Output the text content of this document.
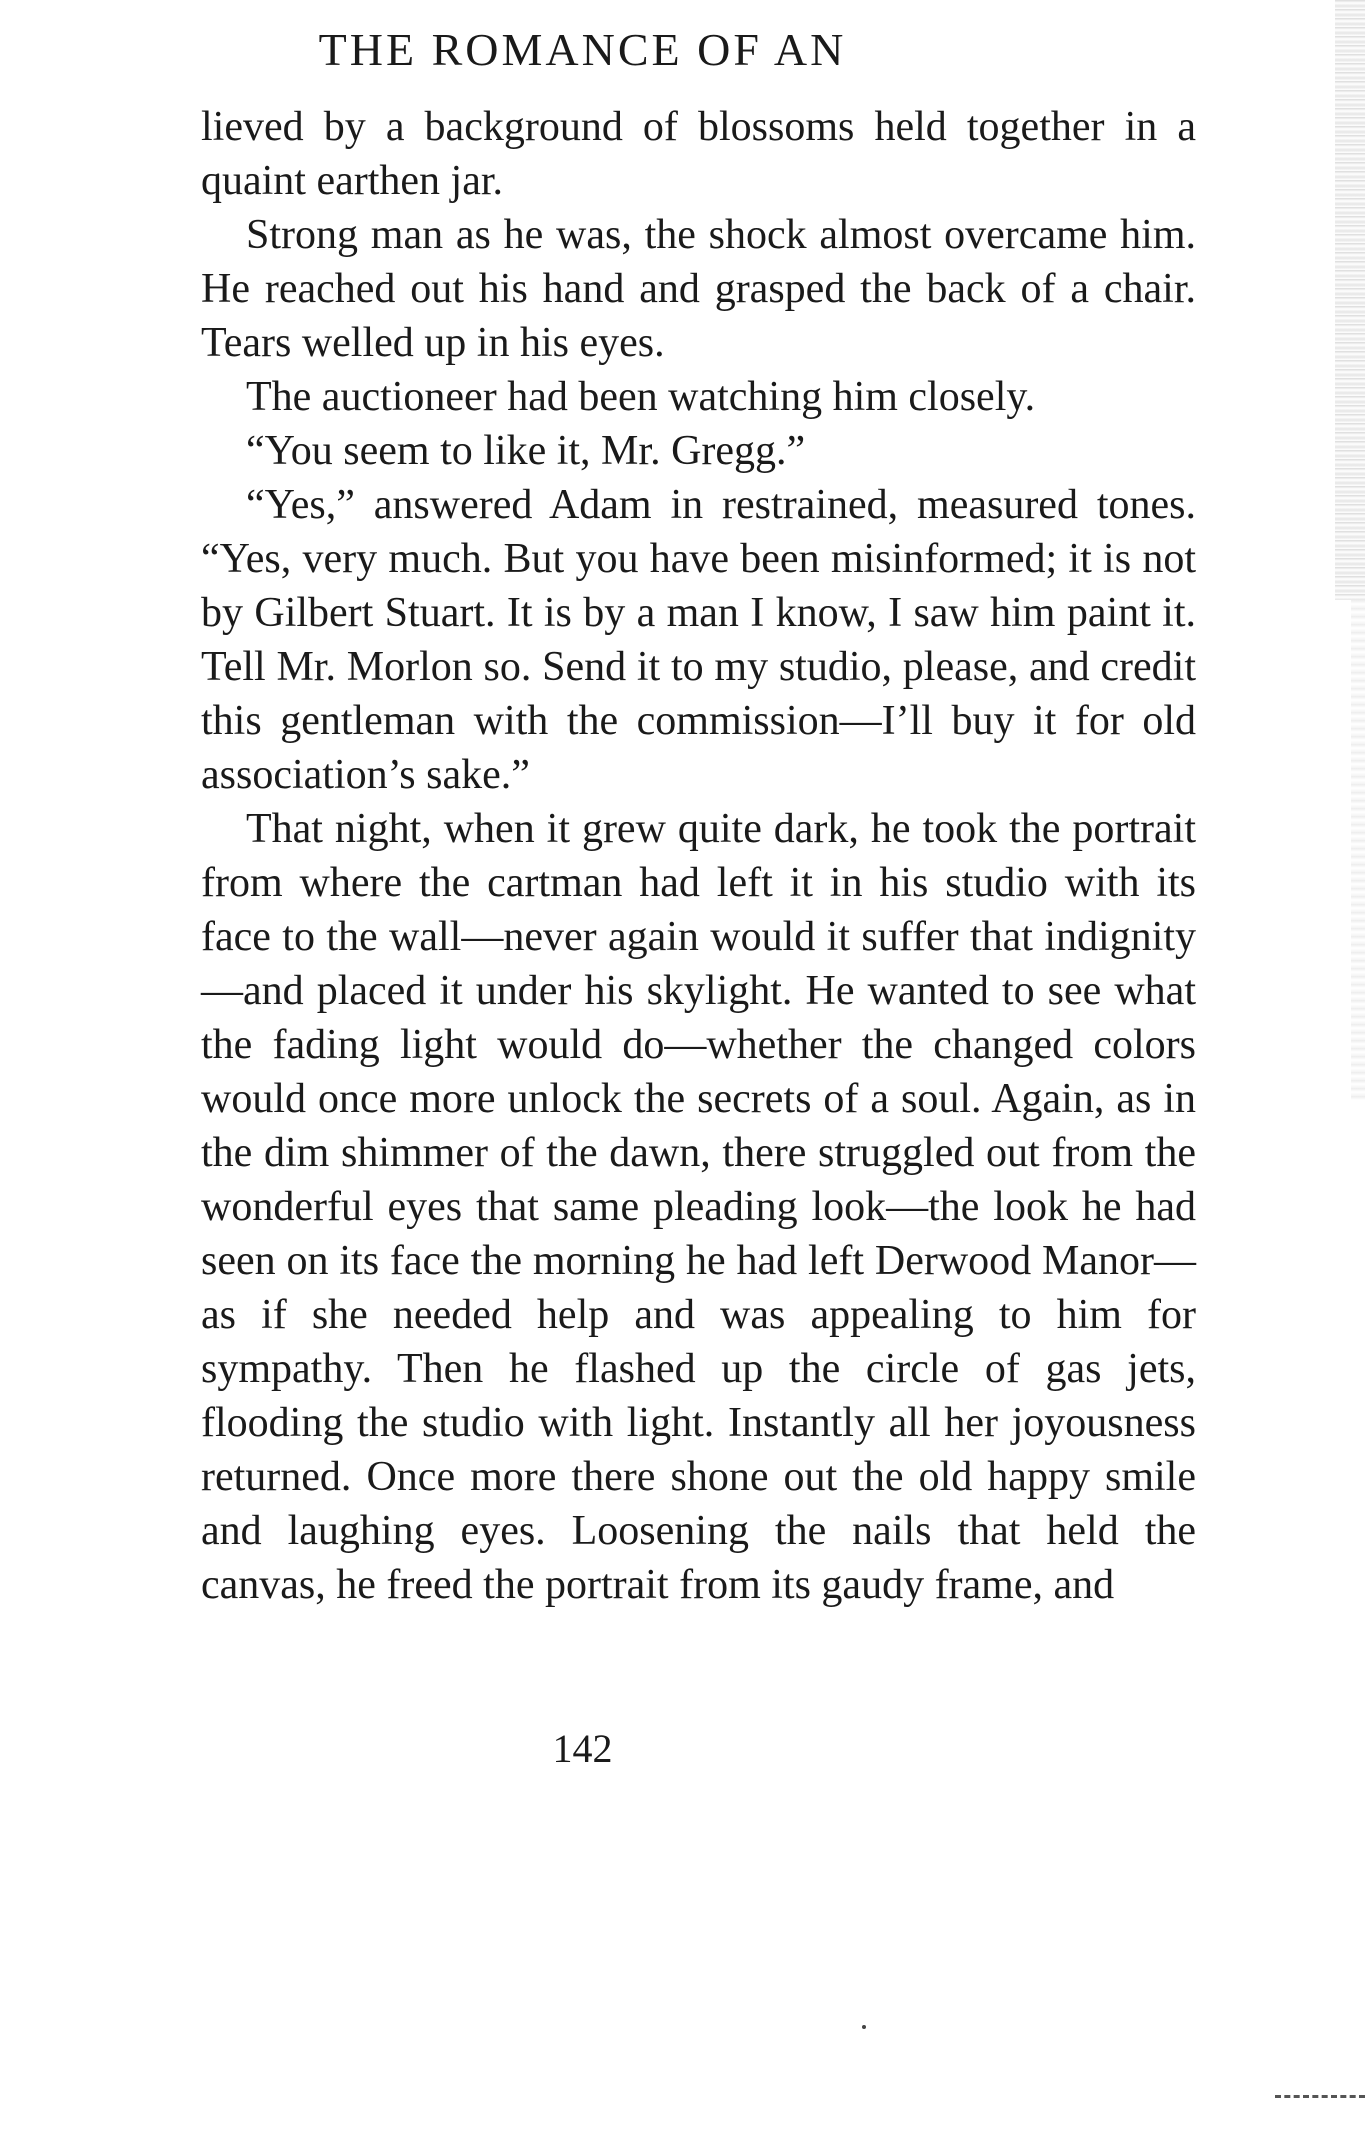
THE ROMANCE OF AN

lieved by a background of blossoms held together in a quaint earthen jar.

Strong man as he was, the shock almost overcame him. He reached out his hand and grasped the back of a chair. Tears welled up in his eyes.

The auctioneer had been watching him closely.

“You seem to like it, Mr. Gregg.”

“Yes,” answered Adam in restrained, measured tones. “Yes, very much. But you have been misinformed; it is not by Gilbert Stuart. It is by a man I know, I saw him paint it. Tell Mr. Morlon so. Send it to my studio, please, and credit this gentleman with the commission—I’ll buy it for old association’s sake.”

That night, when it grew quite dark, he took the portrait from where the cartman had left it in his studio with its face to the wall—never again would it suffer that indignity—and placed it under his skylight. He wanted to see what the fading light would do—whether the changed colors would once more unlock the secrets of a soul. Again, as in the dim shimmer of the dawn, there struggled out from the wonderful eyes that same pleading look—the look he had seen on its face the morning he had left Derwood Manor—as if she needed help and was appealing to him for sympathy. Then he flashed up the circle of gas jets, flooding the studio with light. Instantly all her joyousness returned. Once more there shone out the old happy smile and laughing eyes. Loosening the nails that held the canvas, he freed the portrait from its gaudy frame, and

142
